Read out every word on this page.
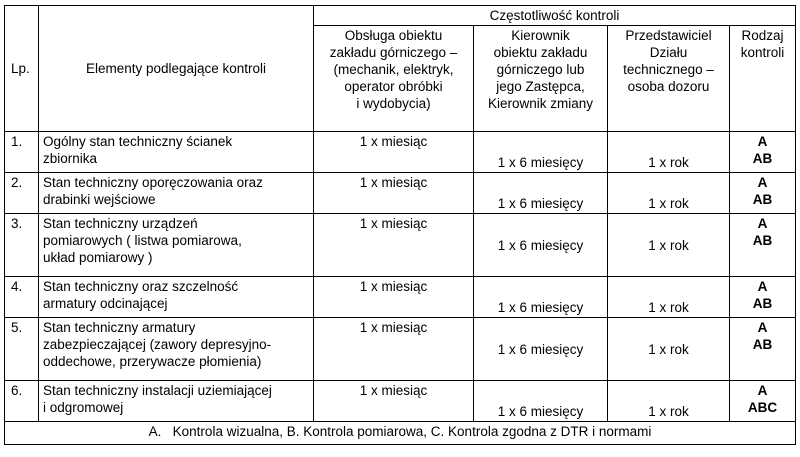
Lp.	Elementy podlegające kontroli	Częstotliwość kontroli			

		Obsługa obiektu
zakładu górniczego –
(mechanik, elektryk,
operator obróbki
i wydobycia)	Kierownik
obiektu zakładu
górniczego lub
jego Zastępca,
Kierownik zmiany	Przedstawiciel
Działu
technicznego –
osoba dozoru	Rodzaj
kontroli

1.	Ogólny stan techniczny ścianek
zbiornika	1 x miesiąc	1 x 6 miesięcy	1 x rok	A
AB

2.	Stan techniczny oporęczowania oraz
drabinki wejściowe	1 x miesiąc	1 x 6 miesięcy	1 x rok	A
AB

3.	Stan techniczny urządzeń
pomiarowych ( listwa pomiarowa,
układ pomiarowy )	1 x miesiąc	1 x 6 miesięcy	1 x rok	A
AB

4.	Stan techniczny oraz szczelność
armatury odcinającej	1 x miesiąc	1 x 6 miesięcy	1 x rok	A
AB

5.	Stan techniczny armatury
zabezpieczającej (zawory depresyjno-
oddechowe, przerywacze płomienia)	1 x miesiąc	1 x 6 miesięcy	1 x rok	A
AB

6.	Stan techniczny instalacji uziemiającej
i odgromowej	1 x miesiąc	1 x 6 miesięcy	1 x rok	A
ABC

A.   Kontrola wizualna, B. Kontrola pomiarowa, C. Kontrola zgodna z DTR i normami					
